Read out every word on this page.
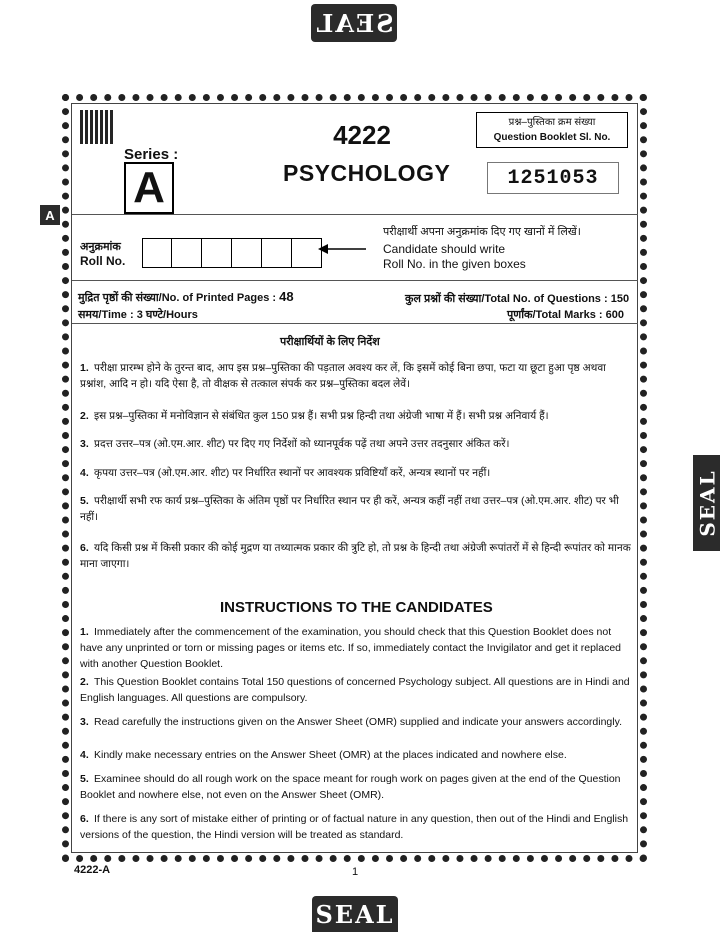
SEAL
SEAL
SEAL
A
Series :
A
4222
PSYCHOLOGY
प्रश्न–पुस्तिका क्रम संख्या
Question Booklet Sl. No.
1251053
अनुक्रमांक
Roll No.
परीक्षार्थी अपना अनुक्रमांक दिए गए खानों में लिखें।
Candidate should write
Roll No. in the given boxes
मुद्रित पृष्ठों की संख्या/No. of Printed Pages : 48	कुल प्रश्नों की संख्या/Total No. of Questions : 150
समय/Time : 3 घण्टे/Hours	पूर्णांक/Total Marks : 600
परीक्षार्थियों के लिए निर्देश
1. परीक्षा प्रारम्भ होने के तुरन्त बाद, आप इस प्रश्न–पुस्तिका की पड़ताल अवश्य कर लें, कि इसमें कोई बिना छपा, फटा या छूटा हुआ पृष्ठ अथवा प्रश्नांश, आदि न हो। यदि ऐसा है, तो वीक्षक से तत्काल संपर्क कर प्रश्न–पुस्तिका बदल लेवें।
2. इस प्रश्न–पुस्तिका में मनोविज्ञान से संबंधित कुल 150 प्रश्न हैं। सभी प्रश्न हिन्दी तथा अंग्रेजी भाषा में हैं। सभी प्रश्न अनिवार्य हैं।
3. प्रदत्त उत्तर–पत्र (ओ.एम.आर. शीट) पर दिए गए निर्देशों को ध्यानपूर्वक पढ़ें तथा अपने उत्तर तदनुसार अंकित करें।
4. कृपया उत्तर–पत्र (ओ.एम.आर. शीट) पर निर्धारित स्थानों पर आवश्यक प्रविष्टियाँ करें, अन्यत्र स्थानों पर नहीं।
5. परीक्षार्थी सभी रफ कार्य प्रश्न–पुस्तिका के अंतिम पृष्ठों पर निर्धारित स्थान पर ही करें, अन्यत्र कहीं नहीं तथा उत्तर–पत्र (ओ.एम.आर. शीट) पर भी नहीं।
6. यदि किसी प्रश्न में किसी प्रकार की कोई मुद्रण या तथ्यात्मक प्रकार की त्रुटि हो, तो प्रश्न के हिन्दी तथा अंग्रेजी रूपांतरों में से हिन्दी रूपांतर को मानक माना जाएगा।
INSTRUCTIONS TO THE CANDIDATES
1. Immediately after the commencement of the examination, you should check that this Question Booklet does not have any unprinted or torn or missing pages or items etc. If so, immediately contact the Invigilator and get it replaced with another Question Booklet.
2. This Question Booklet contains Total 150 questions of concerned Psychology subject. All questions are in Hindi and English languages. All questions are compulsory.
3. Read carefully the instructions given on the Answer Sheet (OMR) supplied and indicate your answers accordingly.
4. Kindly make necessary entries on the Answer Sheet (OMR) at the places indicated and nowhere else.
5. Examinee should do all rough work on the space meant for rough work on pages given at the end of the Question Booklet and nowhere else, not even on the Answer Sheet (OMR).
6. If there is any sort of mistake either of printing or of factual nature in any question, then out of the Hindi and English versions of the question, the Hindi version will be treated as standard.
4222-A	1
